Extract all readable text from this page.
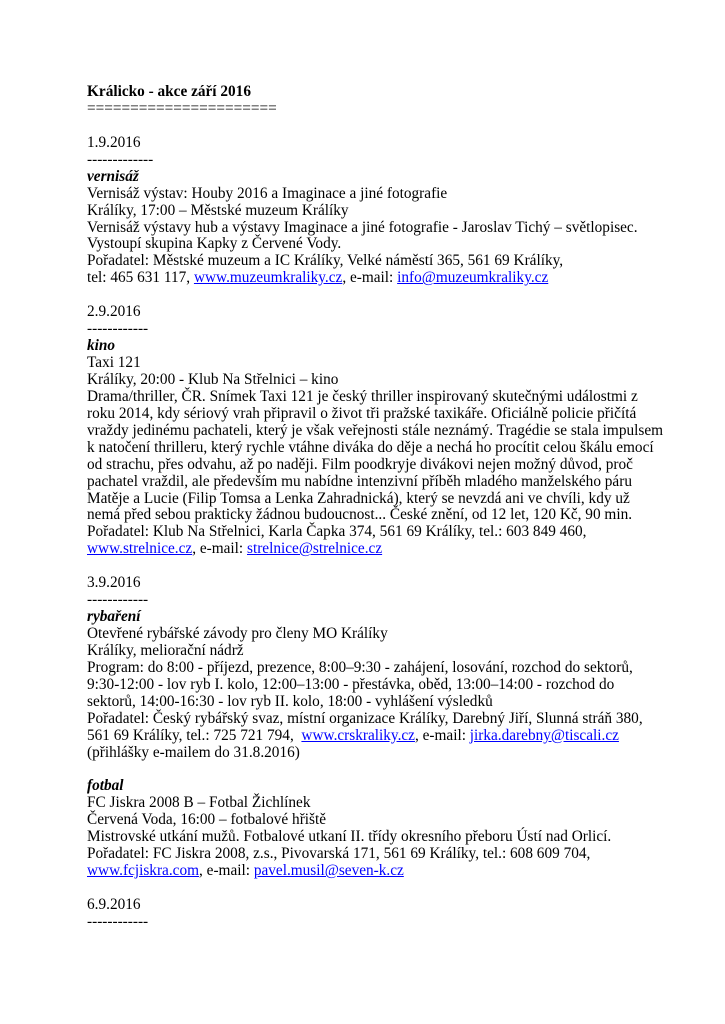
Králicko - akce září 2016
======================
1.9.2016
-------------
vernisáž
Vernisáž výstav: Houby 2016 a Imaginace a jiné fotografie
Králíky, 17:00 – Městské muzeum Králíky
Vernisáž výstavy hub a výstavy Imaginace a jiné fotografie - Jaroslav Tichý – světlopisec.
Vystoupí skupina Kapky z Červené Vody.
Pořadatel: Městské muzeum a IC Králíky, Velké náměstí 365, 561 69 Králíky,
tel: 465 631 117, www.muzeumkraliky.cz, e-mail: info@muzeumkraliky.cz
2.9.2016
------------
kino
Taxi 121
Králíky, 20:00 - Klub Na Střelnici – kino
Drama/thriller, ČR. Snímek Taxi 121 je český thriller inspirovaný skutečnými událostmi z
roku 2014, kdy sériový vrah připravil o život tři pražské taxikáře. Oficiálně policie přičítá
vraždy jedinému pachateli, který je však veřejnosti stále neznámý. Tragédie se stala impulsem
k natočení thrilleru, který rychle vtáhne diváka do děje a nechá ho procítit celou škálu emocí
od strachu, přes odvahu, až po naději. Film poodkryje divákovi nejen možný důvod, proč
pachatel vraždil, ale především mu nabídne intenzivní příběh mladého manželského páru
Matěje a Lucie (Filip Tomsa a Lenka Zahradnická), který se nevzdá ani ve chvíli, kdy už
nemá před sebou prakticky žádnou budoucnost... České znění, od 12 let, 120 Kč, 90 min.
Pořadatel: Klub Na Střelnici, Karla Čapka 374, 561 69 Králíky, tel.: 603 849 460,
www.strelnice.cz, e-mail: strelnice@strelnice.cz
3.9.2016
------------
rybaření
Otevřené rybářské závody pro členy MO Králíky
Králíky, meliorační nádrž
Program: do 8:00 - příjezd, prezence, 8:00–9:30 - zahájení, losování, rozchod do sektorů,
9:30-12:00 - lov ryb I. kolo, 12:00–13:00 - přestávka, oběd, 13:00–14:00 - rozchod do
sektorů, 14:00-16:30 - lov ryb II. kolo, 18:00 - vyhlášení výsledků
Pořadatel: Český rybářský svaz, místní organizace Králíky, Darebný Jiří, Slunná stráň 380,
561 69 Králíky, tel.: 725 721 794,  www.crskraliky.cz, e-mail: jirka.darebny@tiscali.cz
(přihlášky e-mailem do 31.8.2016)
fotbal
FC Jiskra 2008 B – Fotbal Žichlínek
Červená Voda, 16:00 – fotbalové hřiště
Mistrovské utkání mužů. Fotbalové utkaní II. třídy okresního přeboru Ústí nad Orlicí.
Pořadatel: FC Jiskra 2008, z.s., Pivovarská 171, 561 69 Králíky, tel.: 608 609 704,
www.fcjiskra.com, e-mail: pavel.musil@seven-k.cz
6.9.2016
------------
